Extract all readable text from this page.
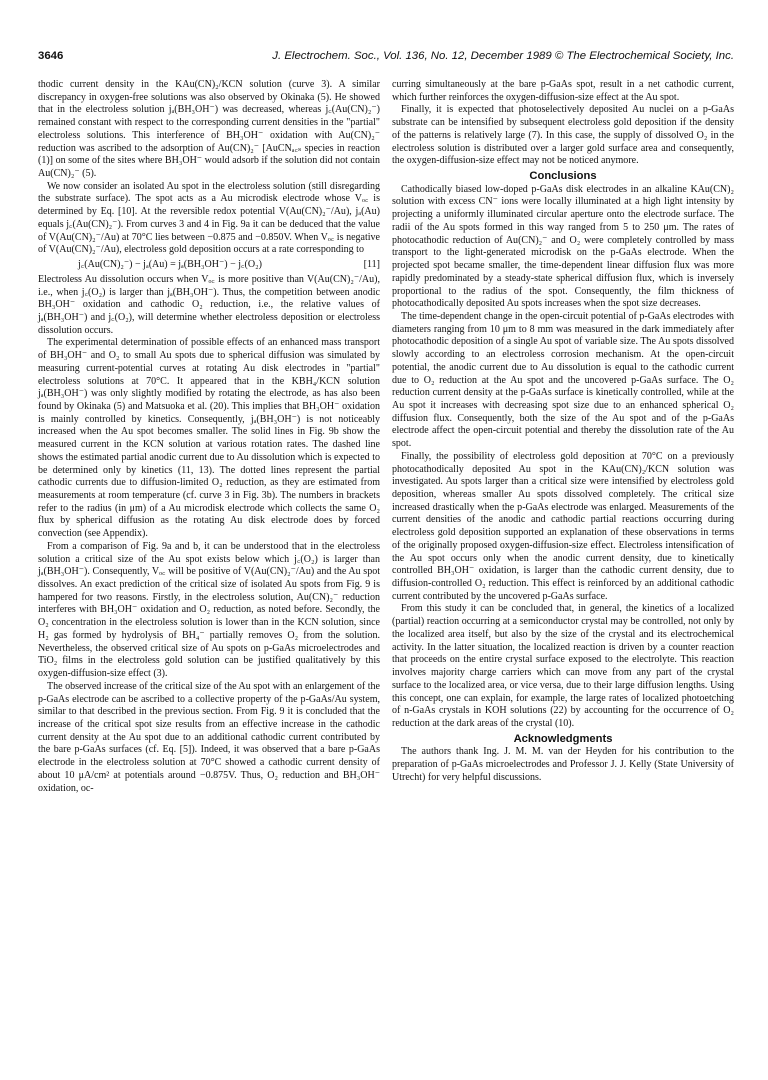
3646	J. Electrochem. Soc., Vol. 136, No. 12, December 1989 © The Electrochemical Society, Inc.

thodic current density in the KAu(CN)₂/KCN solution (curve 3). A similar discrepancy in oxygen-free solutions was also observed by Okinaka (5). He showed that in the electroless solution jₐ(BH₃OH⁻) was decreased, whereas j꜀(Au(CN)₂⁻) remained constant with respect to the corresponding current densities in the "partial" electroless solutions. This interference of BH₃OH⁻ oxidation with Au(CN)₂⁻ reduction was ascribed to the adsorption of Au(CN)₂⁻ [AuCNₐ꜀ₛ species in reaction (1)] on some of the sites where BH₃OH⁻ would adsorb if the solution did not contain Au(CN)₂⁻ (5).

We now consider an isolated Au spot in the electroless solution (still disregarding the substrate surface). The spot acts as a Au microdisk electrode whose Vₒ꜀ is determined by Eq. [10]. At the reversible redox potential V(Au(CN)₂⁻/Au), jₐ(Au) equals j꜀(Au(CN)₂⁻). From curves 3 and 4 in Fig. 9a it can be deduced that the value of V(Au(CN)₂⁻/Au) at 70°C lies between −0.875 and −0.850V. When Vₒ꜀ is negative of V(Au(CN)₂⁻/Au), electroless gold deposition occurs at a rate corresponding to

j꜀(Au(CN)₂⁻) − jₐ(Au) = jₐ(BH₃OH⁻) − j꜀(O₂)	[11]

Electroless Au dissolution occurs when Vₒ꜀ is more positive than V(Au(CN)₂⁻/Au), i.e., when j꜀(O₂) is larger than jₐ(BH₃OH⁻). Thus, the competition between anodic BH₃OH⁻ oxidation and cathodic O₂ reduction, i.e., the relative values of jₐ(BH₃OH⁻) and j꜀(O₂), will determine whether electroless deposition or electroless dissolution occurs.

The experimental determination of possible effects of an enhanced mass transport of BH₃OH⁻ and O₂ to small Au spots due to spherical diffusion was simulated by measuring current-potential curves at rotating Au disk electrodes in "partial" electroless solutions at 70°C. It appeared that in the KBH₄/KCN solution jₐ(BH₃OH⁻) was only slightly modified by rotating the electrode, as has also been found by Okinaka (5) and Matsuoka et al. (20). This implies that BH₃OH⁻ oxidation is mainly controlled by kinetics. Consequently, jₐ(BH₃OH⁻) is not noticeably increased when the Au spot becomes smaller. The solid lines in Fig. 9b show the measured current in the KCN solution at various rotation rates. The dashed line shows the estimated partial anodic current due to Au dissolution which is expected to be determined only by kinetics (11, 13). The dotted lines represent the partial cathodic currents due to diffusion-limited O₂ reduction, as they are estimated from measurements at room temperature (cf. curve 3 in Fig. 3b). The numbers in brackets refer to the radius (in μm) of a Au microdisk electrode which collects the same O₂ flux by spherical diffusion as the rotating Au disk electrode does by forced convection (see Appendix).

From a comparison of Fig. 9a and b, it can be understood that in the electroless solution a critical size of the Au spot exists below which j꜀(O₂) is larger than jₐ(BH₃OH⁻). Consequently, Vₒ꜀ will be positive of V(Au(CN)₂⁻/Au) and the Au spot dissolves. An exact prediction of the critical size of isolated Au spots from Fig. 9 is hampered for two reasons. Firstly, in the electroless solution, Au(CN)₂⁻ reduction interferes with BH₃OH⁻ oxidation and O₂ reduction, as noted before. Secondly, the O₂ concentration in the electroless solution is lower than in the KCN solution, since H₂ gas formed by hydrolysis of BH₄⁻ partially removes O₂ from the solution. Nevertheless, the observed critical size of Au spots on p-GaAs microelectrodes and TiO₂ films in the electroless gold solution can be justified qualitatively by this oxygen-diffusion-size effect (3).

The observed increase of the critical size of the Au spot with an enlargement of the p-GaAs electrode can be ascribed to a collective property of the p-GaAs/Au system, similar to that described in the previous section. From Fig. 9 it is concluded that the increase of the critical spot size results from an effective increase in the cathodic current density at the Au spot due to an additional cathodic current contributed by the bare p-GaAs surfaces (cf. Eq. [5]). Indeed, it was observed that a bare p-GaAs electrode in the electroless solution at 70°C showed a cathodic current density of about 10 μA/cm² at potentials around −0.875V. Thus, O₂ reduction and BH₃OH⁻ oxidation, oc-

curring simultaneously at the bare p-GaAs spot, result in a net cathodic current, which further reinforces the oxygen-diffusion-size effect at the Au spot.

Finally, it is expected that photoselectively deposited Au nuclei on a p-GaAs substrate can be intensified by subsequent electroless gold deposition if the density of the patterns is relatively large (7). In this case, the supply of dissolved O₂ in the electroless solution is distributed over a larger gold surface area and consequently, the oxygen-diffusion-size effect may not be noticed anymore.

Conclusions

Cathodically biased low-doped p-GaAs disk electrodes in an alkaline KAu(CN)₂ solution with excess CN⁻ ions were locally illuminated at a high light intensity by projecting a uniformly illuminated circular aperture onto the electrode surface. The radii of the Au spots formed in this way ranged from 5 to 250 μm. The rates of photocathodic reduction of Au(CN)₂⁻ and O₂ were completely controlled by mass transport to the light-generated microdisk on the p-GaAs electrode. When the projected spot became smaller, the time-dependent linear diffusion flux was more rapidly predominated by a steady-state spherical diffusion flux, which is inversely proportional to the radius of the spot. Consequently, the film thickness of photocathodically deposited Au spots increases when the spot size decreases.

The time-dependent change in the open-circuit potential of p-GaAs electrodes with diameters ranging from 10 μm to 8 mm was measured in the dark immediately after photocathodic deposition of a single Au spot of variable size. The Au spots dissolved slowly according to an electroless corrosion mechanism. At the open-circuit potential, the anodic current due to Au dissolution is equal to the cathodic current due to O₂ reduction at the Au spot and the uncovered p-GaAs surface. The O₂ reduction current density at the p-GaAs surface is kinetically controlled, while at the Au spot it increases with decreasing spot size due to an enhanced spherical O₂ diffusion flux. Consequently, both the size of the Au spot and of the p-GaAs electrode affect the open-circuit potential and thereby the dissolution rate of the Au spot.

Finally, the possibility of electroless gold deposition at 70°C on a previously photocathodically deposited Au spot in the KAu(CN)₂/KCN solution was investigated. Au spots larger than a critical size were intensified by electroless gold deposition, whereas smaller Au spots dissolved completely. The critical size increased drastically when the p-GaAs electrode was enlarged. Measurements of the current densities of the anodic and cathodic partial reactions occurring during electroless gold deposition supported an explanation of these observations in terms of the originally proposed oxygen-diffusion-size effect. Electroless intensification of the Au spot occurs only when the anodic current density, due to kinetically controlled BH₃OH⁻ oxidation, is larger than the cathodic current density, due to diffusion-controlled O₂ reduction. This effect is reinforced by an additional cathodic current contributed by the uncovered p-GaAs surface.

From this study it can be concluded that, in general, the kinetics of a localized (partial) reaction occurring at a semiconductor crystal may be controlled, not only by the localized area itself, but also by the size of the crystal and its electrochemical activity. In the latter situation, the localized reaction is driven by a counter reaction that proceeds on the entire crystal surface exposed to the electrolyte. This reaction involves majority charge carriers which can move from any part of the crystal surface to the localized area, or vice versa, due to their large diffusion lengths. Using this concept, one can explain, for example, the large rates of localized photoetching of n-GaAs crystals in KOH solutions (22) by accounting for the occurrence of O₂ reduction at the dark areas of the crystal (10).

Acknowledgments

The authors thank Ing. J. M. M. van der Heyden for his contribution to the preparation of p-GaAs microelectrodes and Professor J. J. Kelly (State University of Utrecht) for very helpful discussions.
